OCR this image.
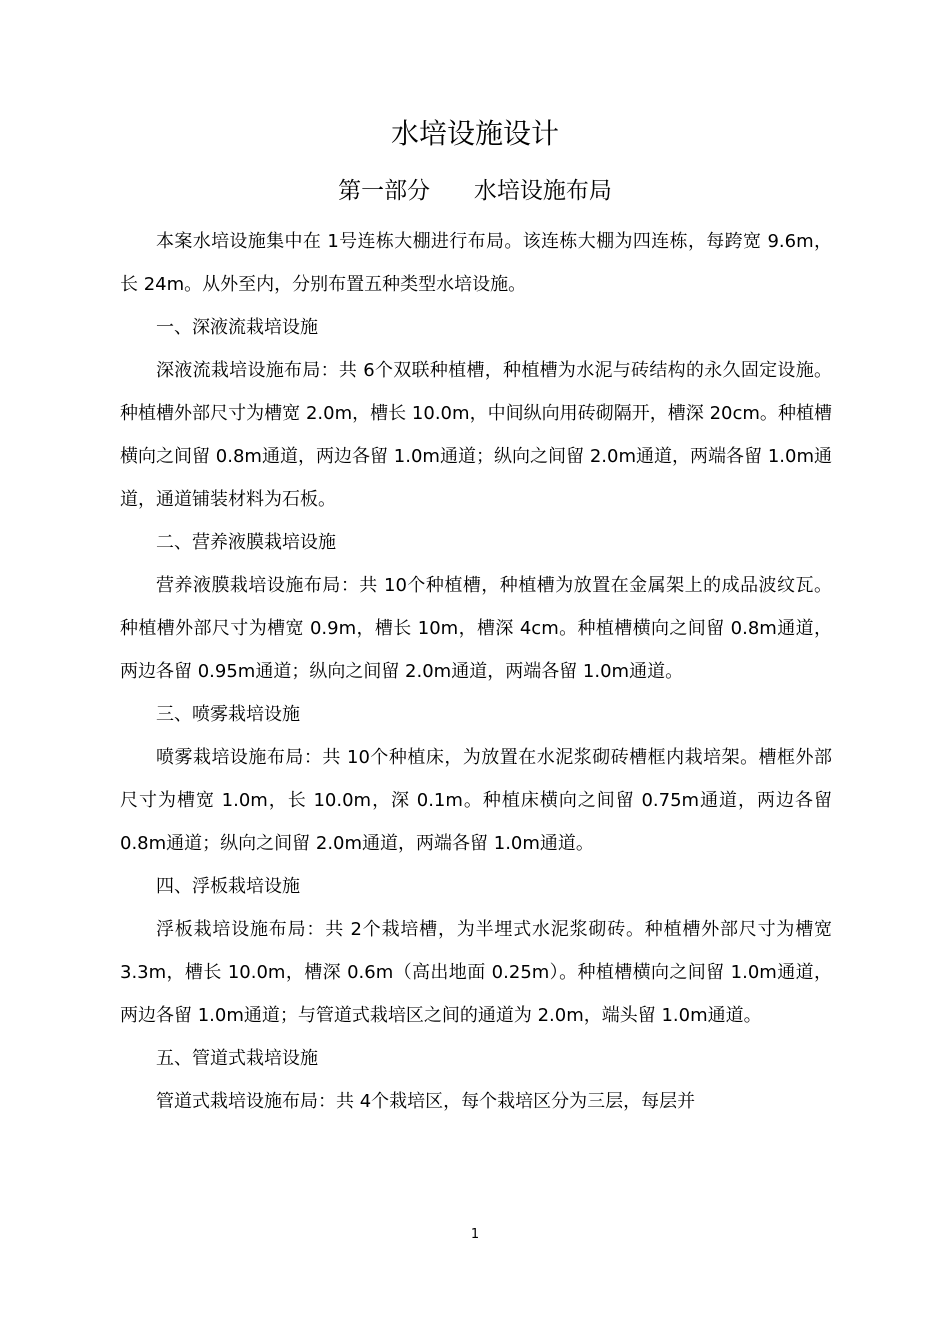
水培设施设计
第一部分      水培设施布局

本案水培设施集中在 1号连栋大棚进行布局。该连栋大棚为四连栋，每跨宽 9.6m，长 24m。从外至内，分别布置五种类型水培设施。

一、深液流栽培设施

深液流栽培设施布局：共 6个双联种植槽，种植槽为水泥与砖结构的永久固定设施。种植槽外部尺寸为槽宽 2.0m，槽长 10.0m，中间纵向用砖砌隔开，槽深 20cm。种植槽横向之间留 0.8m通道，两边各留 1.0m通道；纵向之间留 2.0m通道，两端各留 1.0m通道，通道铺装材料为石板。

二、营养液膜栽培设施

营养液膜栽培设施布局：共 10个种植槽，种植槽为放置在金属架上的成品波纹瓦。种植槽外部尺寸为槽宽 0.9m，槽长 10m，槽深 4cm。种植槽横向之间留 0.8m通道，两边各留 0.95m通道；纵向之间留 2.0m通道，两端各留 1.0m通道。

三、喷雾栽培设施

喷雾栽培设施布局：共 10个种植床，为放置在水泥浆砌砖槽框内栽培架。槽框外部尺寸为槽宽 1.0m，长 10.0m，深 0.1m。种植床横向之间留 0.75m通道，两边各留 0.8m通道；纵向之间留 2.0m通道，两端各留 1.0m通道。

四、浮板栽培设施

浮板栽培设施布局：共 2个栽培槽，为半埋式水泥浆砌砖。种植槽外部尺寸为槽宽 3.3m，槽长 10.0m，槽深 0.6m（高出地面 0.25m）。种植槽横向之间留 1.0m通道，两边各留 1.0m通道；与管道式栽培区之间的通道为 2.0m，端头留 1.0m通道。

五、管道式栽培设施

管道式栽培设施布局：共 4个栽培区，每个栽培区分为三层，每层并

1
